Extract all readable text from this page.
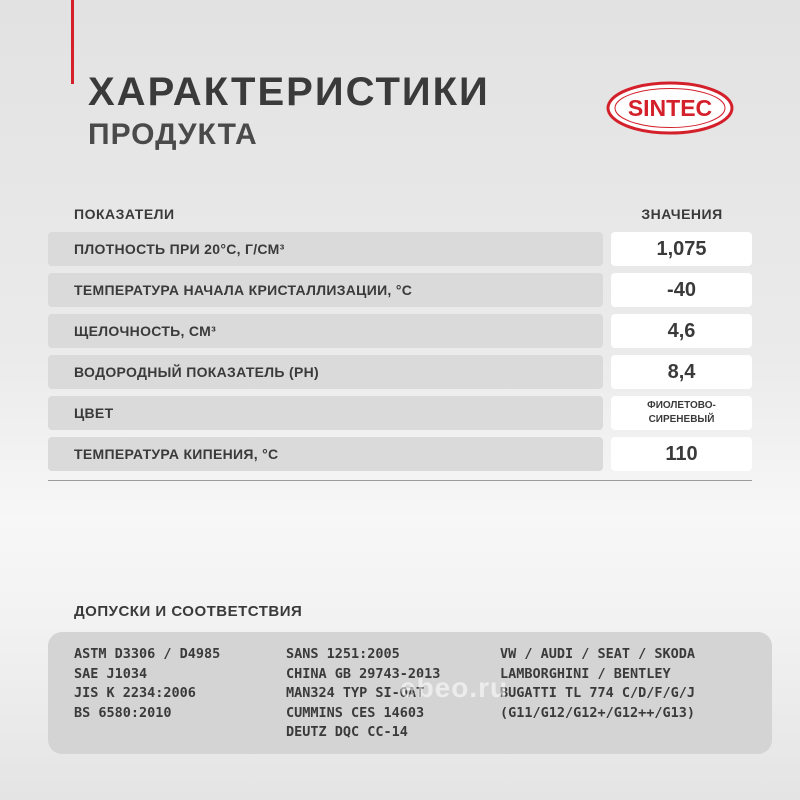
ХАРАКТЕРИСТИКИ
ПРОДУКТА
SINTEC
ПОКАЗАТЕЛИ	ЗНАЧЕНИЯ
ПЛОТНОСТЬ ПРИ 20°С, Г/СМ³	1,075
ТЕМПЕРАТУРА НАЧАЛА КРИСТАЛЛИЗАЦИИ, °С	-40
ЩЕЛОЧНОСТЬ, СМ³	4,6
ВОДОРОДНЫЙ ПОКАЗАТЕЛЬ (PH)	8,4
ЦВЕТ	ФИОЛЕТОВО-
СИРЕНЕВЫЙ
ТЕМПЕРАТУРА КИПЕНИЯ, °С	110
ДОПУСКИ И СООТВЕТСТВИЯ
ASTM D3306 / D4985
SAE J1034
JIS K 2234:2006
BS 6580:2010
SANS 1251:2005
CHINA GB 29743-2013
MAN324 TYP SI-OAT
CUMMINS CES 14603
DEUTZ DQC CC-14
VW / AUDI / SEAT / SKODA
LAMBORGHINI / BENTLEY
BUGATTI TL 774 C/D/F/G/J
(G11/G12/G12+/G12++/G13)
ebeo.ru
